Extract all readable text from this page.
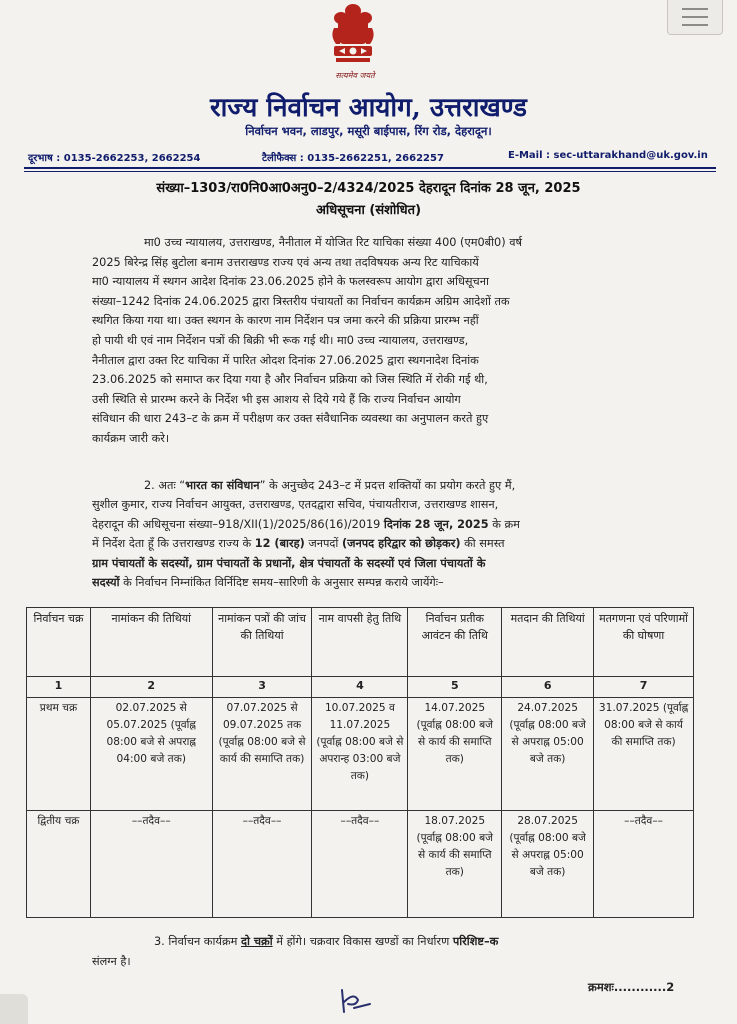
सत्यमेव जयते
राज्य निर्वाचन आयोग, उत्तराखण्ड
निर्वाचन भवन, लाडपुर, मसूरी बाईपास, रिंग रोड, देहरादून।
दूरभाष : 0135-2662253, 2662254	टैलीफैक्स : 0135-2662251, 2662257	E-Mail : sec-uttarakhand@uk.gov.in
संख्या–1303/रा0नि0आ0अनु0–2/4324/2025 देहरादून दिनांक 28 जून, 2025
अधिसूचना (संशोधित)
मा0 उच्च न्यायालय, उत्तराखण्ड, नैनीताल में योजित रिट याचिका संख्या 400 (एम0बी0) वर्ष
2025 बिरेन्द्र सिंह बुटोला बनाम उत्तराखण्ड राज्य एवं अन्य तथा तदविषयक अन्य रिट याचिकायें
मा0 न्यायालय में स्थगन आदेश दिनांक 23.06.2025 होने के फलस्वरूप आयोग द्वारा अधिसूचना
संख्या–1242 दिनांक 24.06.2025 द्वारा त्रिस्तरीय पंचायतों का निर्वाचन कार्यक्रम अग्रिम आदेशों तक
स्थगित किया गया था। उक्त स्थगन के कारण नाम निर्देशन पत्र जमा करने की प्रक्रिया प्रारम्भ नहीं
हो पायी थी एवं नाम निर्देशन पत्रों की बिक्री भी रूक गई थी। मा0 उच्च न्यायालय, उत्तराखण्ड,
नैनीताल द्वारा उक्त रिट याचिका में पारित ओदश दिनांक 27.06.2025 द्वारा स्थगनादेश दिनांक
23.06.2025 को समाप्त कर दिया गया है और निर्वाचन प्रक्रिया को जिस स्थिति में रोकी गई थी,
उसी स्थिति से प्रारम्भ करने के निर्देश भी इस आशय से दिये गये हैं कि राज्य निर्वाचन आयोग
संविधान की धारा 243–ट के क्रम में परीक्षण कर उक्त संवैधानिक व्यवस्था का अनुपालन करते हुए
कार्यक्रम जारी करे।
2. अतः “भारत का संविधान” के अनुच्छेद 243–ट में प्रदत्त शक्तियों का प्रयोग करते हुए मैं,
सुशील कुमार, राज्य निर्वाचन आयुक्त, उत्तराखण्ड, एतदद्वारा सचिव, पंचायतीराज, उत्तराखण्ड शासन,
देहरादून की अधिसूचना संख्या–918/XII(1)/2025/86(16)/2019 दिनांक 28 जून, 2025 के क्रम
में निर्देश देता हूँ कि उत्तराखण्ड राज्य के 12 (बारह) जनपदों (जनपद हरिद्वार को छोड़कर) की समस्त
ग्राम पंचायतों के सदस्यों, ग्राम पंचायतों के प्रधानों, क्षेत्र पंचायतों के सदस्यों एवं जिला पंचायतों के
सदस्यों के निर्वाचन निम्नांकित विर्निदिष्ट समय–सारिणी के अनुसार सम्पन्न कराये जायेंगेः–
निर्वाचन चक्र	नामांकन की तिथियां	नामांकन पत्रों की जांच की तिथियां	नाम वापसी हेतु तिथि	निर्वाचन प्रतीक आवंटन की तिथि	मतदान की तिथियां	मतगणना एवं परिणामों की घोषणा
1	2	3	4	5	6	7
प्रथम चक्र	02.07.2025 से 05.07.2025 (पूर्वाह्न 08:00 बजे से अपराह्न 04:00 बजे तक)	07.07.2025 से 09.07.2025 तक (पूर्वाह्न 08:00 बजे से कार्य की समाप्ति तक)	10.07.2025 व 11.07.2025 (पूर्वाह्न 08:00 बजे से अपरान्ह 03:00 बजे तक)	14.07.2025 (पूर्वाह्न 08:00 बजे से कार्य की समाप्ति तक)	24.07.2025 (पूर्वाह्न 08:00 बजे से अपराह्न 05:00 बजे तक)	31.07.2025 (पूर्वाह्न 08:00 बजे से कार्य की समाप्ति तक)
द्वितीय चक्र	––तदैव––	––तदैव––	––तदैव––	18.07.2025 (पूर्वाह्न 08:00 बजे से कार्य की समाप्ति तक)	28.07.2025 (पूर्वाह्न 08:00 बजे से अपराह्न 05:00 बजे तक)	––तदैव––
3. निर्वाचन कार्यक्रम दो चक्रों में होंगे। चक्रवार विकास खण्डों का निर्धारण परिशिष्ट–क
संलग्न है।
क्रमशः............2
